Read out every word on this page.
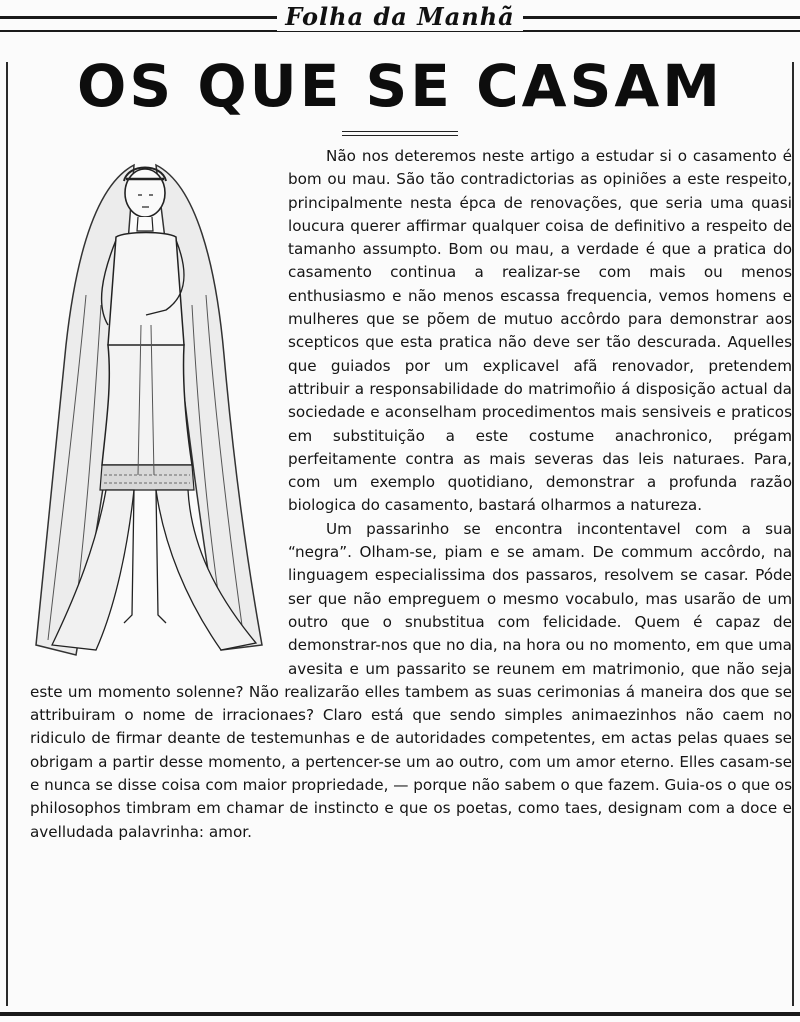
Folha da Manhã
OS QUE SE CASAM

Não nos deteremos neste artigo a estudar si o casamento é bom ou mau. São tão contradictorias as opiniões a este respeito, principalmente nesta épca de renovações, que seria uma quasi loucura querer affirmar qualquer coisa de definitivo a respeito de tamanho assumpto. Bom ou mau, a verdade é que a pratica do casamento continua a realizar-se com mais ou menos enthusiasmo e não menos escassa frequencia, vemos homens e mulheres que se põem de mutuo accôrdo para demonstrar aos scepticos que esta pratica não deve ser tão descurada. Aquelles que guiados por um explicavel afã renovador, pretendem attribuir a responsabilidade do matrimoñio á disposição actual da sociedade e aconselham procedimentos mais sensiveis e praticos em substituição a este costume anachronico, prégam perfeitamente contra as mais severas das leis naturaes. Para, com um exemplo quotidiano, demonstrar a profunda razão biologica do casamento, bastará olharmos a natureza.

Um passarinho se encontra incontentavel com a sua “negra”. Olham-se, piam e se amam. De commum accôrdo, na linguagem especialissima dos passaros, resolvem se casar. Póde ser que não empreguem o mesmo vocabulo, mas usarão de um outro que o snubstitua com felicidade. Quem é capaz de demonstrar-nos que no dia, na hora ou no momento, em que uma avesita e um passarito se reunem em matrimonio, que não seja este um momento solenne? Não realizarão elles tambem as suas cerimonias á maneira dos que se attribuiram o nome de irracionaes? Claro está que sendo simples animaezinhos não caem no ridiculo de firmar deante de testemunhas e de autoridades competentes, em actas pelas quaes se obrigam a partir desse momento, a pertencer-se um ao outro, com um amor eterno. Elles casam-se e nunca se disse coisa com maior propriedade, — porque não sabem o que fazem. Guia-os o que os philosophos timbram em chamar de instincto e que os poetas, como taes, designam com a doce e avelludada palavrinha: amor.
